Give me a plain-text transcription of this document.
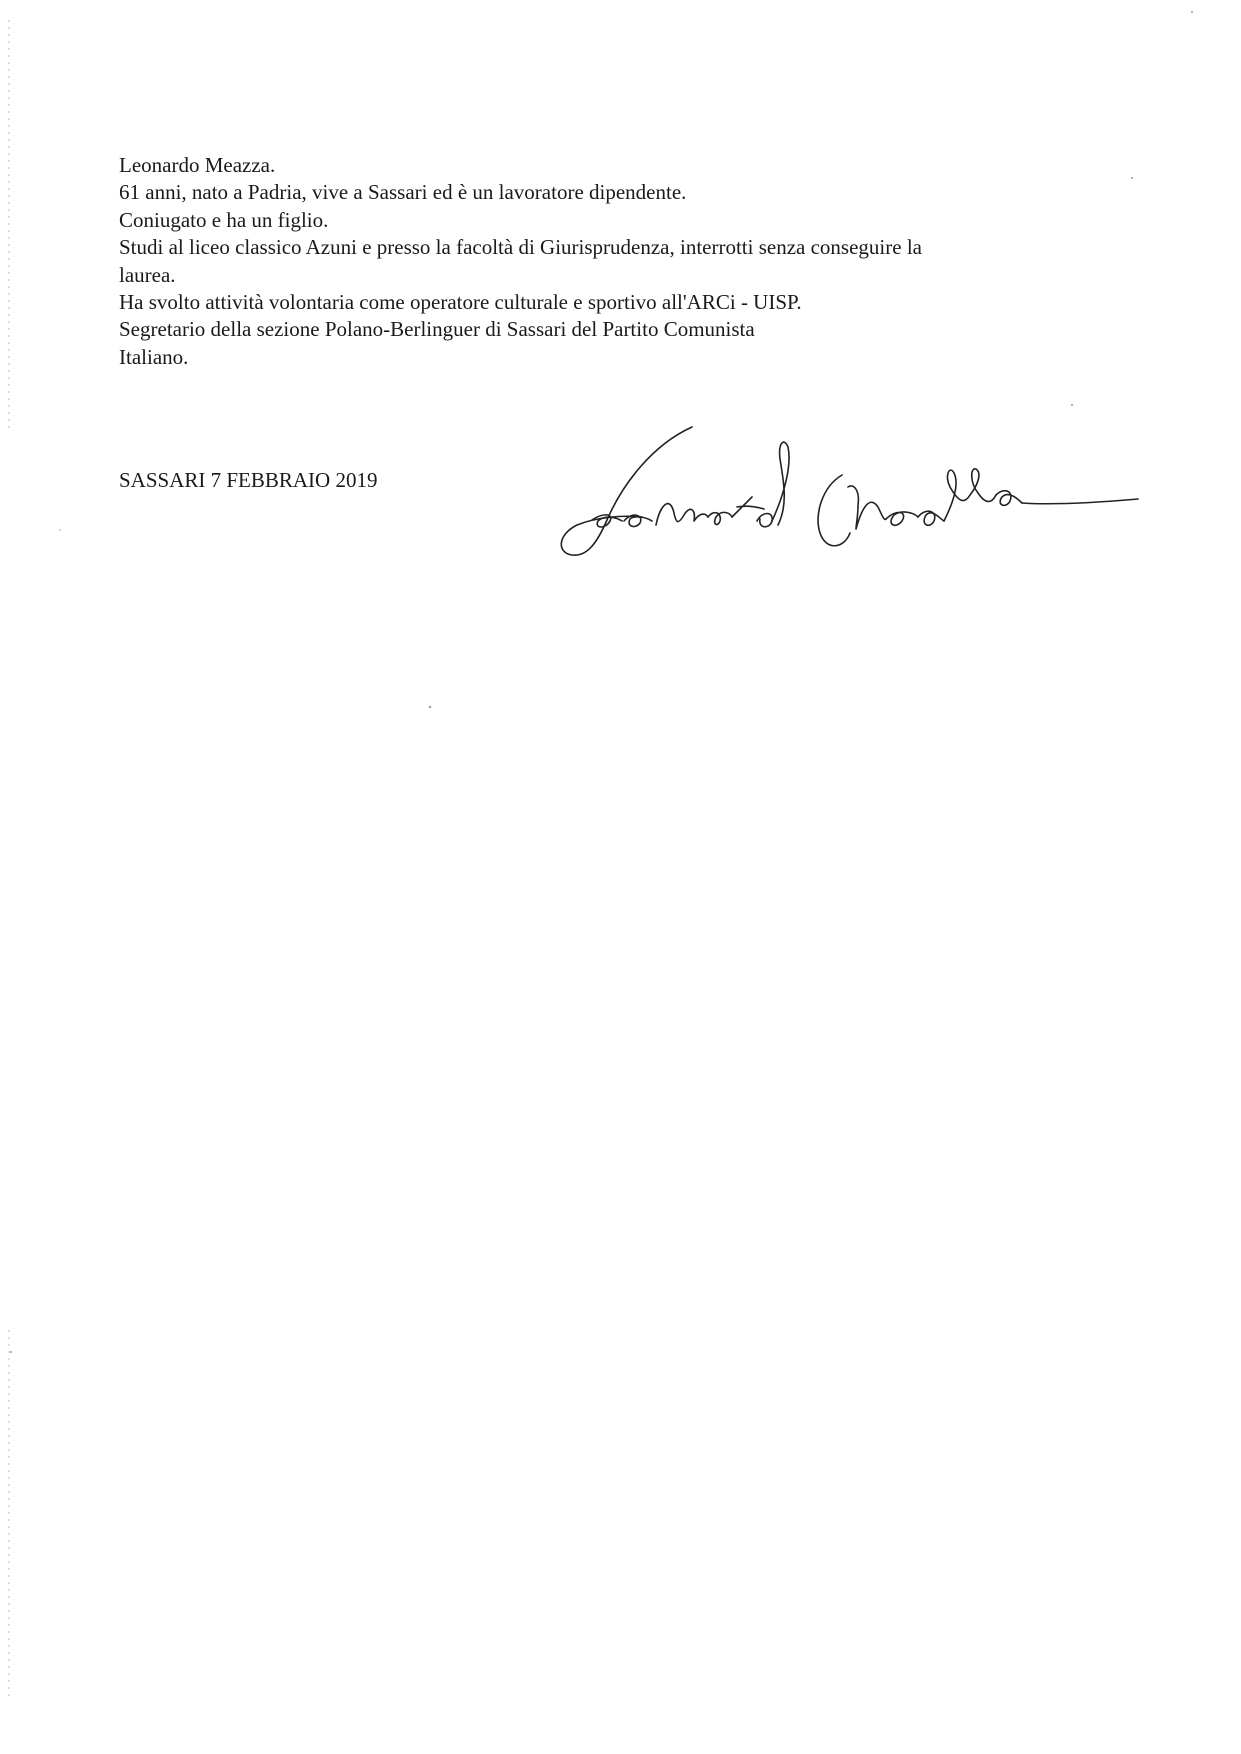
Leonardo Meazza.

61 anni, nato a Padria, vive a Sassari ed è un lavoratore dipendente.

Coniugato e ha un figlio.

Studi al liceo classico Azuni e presso la facoltà di Giurisprudenza, interrotti senza conseguire la

laurea.

Ha svolto attività volontaria come operatore culturale e sportivo all'ARCi - UISP.

Segretario della sezione Polano-Berlinguer di Sassari del Partito Comunista

Italiano.

SASSARI 7 FEBBRAIO 2019
